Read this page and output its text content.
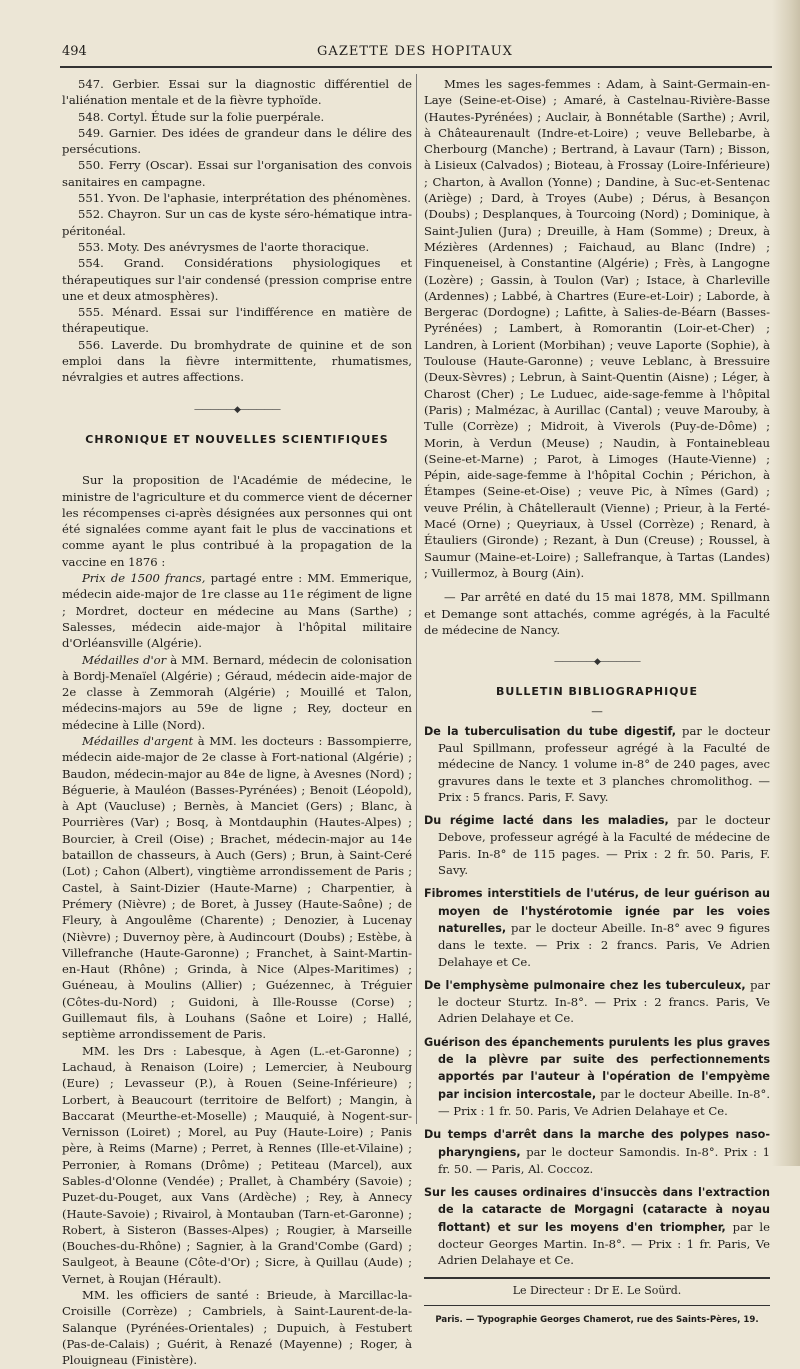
494	GAZETTE DES HOPITAUX

547. Gerbier. Essai sur la diagnostic différentiel de l'aliénation mentale et de la fièvre typhoïde.

548. Cortyl. Étude sur la folie puerpérale.

549. Garnier. Des idées de grandeur dans le délire des persécutions.

550. Ferry (Oscar). Essai sur l'organisation des convois sanitaires en campagne.

551. Yvon. De l'aphasie, interprétation des phénomènes.

552. Chayron. Sur un cas de kyste séro-hématique intra-péritonéal.

553. Moty. Des anévrysmes de l'aorte thoracique.

554. Grand. Considérations physiologiques et thérapeutiques sur l'air condensé (pression comprise entre une et deux atmosphères).

555. Ménard. Essai sur l'indifférence en matière de thérapeutique.

556. Laverde. Du bromhydrate de quinine et de son emploi dans la fièvre intermittente, rhumatismes, névralgies et autres affections.

—————◆—————
CHRONIQUE ET NOUVELLES SCIENTIFIQUES

Sur la proposition de l'Académie de médecine, le ministre de l'agriculture et du commerce vient de décerner les récompenses ci-après désignées aux personnes qui ont été signalées comme ayant fait le plus de vaccinations et comme ayant le plus contribué à la propagation de la vaccine en 1876 :

Prix de 1500 francs, partagé entre : MM. Emmerique, médecin aide-major de 1re classe au 11e régiment de ligne ; Mordret, docteur en médecine au Mans (Sarthe) ; Salesses, médecin aide-major à l'hôpital militaire d'Orléansville (Algérie).

Médailles d'or à MM. Bernard, médecin de colonisation à Bordj-Menaïel (Algérie) ; Géraud, médecin aide-major de 2e classe à Zemmorah (Algérie) ; Mouillé et Talon, médecins-majors au 59e de ligne ; Rey, docteur en médecine à Lille (Nord).

Médailles d'argent à MM. les docteurs : Bassompierre, médecin aide-major de 2e classe à Fort-national (Algérie) ; Baudon, médecin-major au 84e de ligne, à Avesnes (Nord) ; Béguerie, à Mauléon (Basses-Pyrénées) ; Benoit (Léopold), à Apt (Vaucluse) ; Bernès, à Manciet (Gers) ; Blanc, à Pourrières (Var) ; Bosq, à Montdauphin (Hautes-Alpes) ; Bourcier, à Creil (Oise) ; Brachet, médecin-major au 14e bataillon de chasseurs, à Auch (Gers) ; Brun, à Saint-Ceré (Lot) ; Cahon (Albert), vingtième arrondissement de Paris ; Castel, à Saint-Dizier (Haute-Marne) ; Charpentier, à Prémery (Nièvre) ; de Boret, à Jussey (Haute-Saône) ; de Fleury, à Angoulême (Charente) ; Denozier, à Lucenay (Nièvre) ; Duvernoy père, à Audincourt (Doubs) ; Estèbe, à Villefranche (Haute-Garonne) ; Franchet, à Saint-Martin-en-Haut (Rhône) ; Grinda, à Nice (Alpes-Maritimes) ; Guéneau, à Moulins (Allier) ; Guézennec, à Tréguier (Côtes-du-Nord) ; Guidoni, à Ille-Rousse (Corse) ; Guillemaut fils, à Louhans (Saône et Loire) ; Hallé, septième arrondissement de Paris.

MM. les Drs : Labesque, à Agen (L.-et-Garonne) ; Lachaud, à Renaison (Loire) ; Lemercier, à Neubourg (Eure) ; Levasseur (P.), à Rouen (Seine-Inférieure) ; Lorbert, à Beaucourt (territoire de Belfort) ; Mangin, à Baccarat (Meurthe-et-Moselle) ; Mauquié, à Nogent-sur-Vernisson (Loiret) ; Morel, au Puy (Haute-Loire) ; Panis père, à Reims (Marne) ; Perret, à Rennes (Ille-et-Vilaine) ; Perronier, à Romans (Drôme) ; Petiteau (Marcel), aux Sables-d'Olonne (Vendée) ; Prallet, à Chambéry (Savoie) ; Puzet-du-Pouget, aux Vans (Ardèche) ; Rey, à Annecy (Haute-Savoie) ; Rivairol, à Montauban (Tarn-et-Garonne) ; Robert, à Sisteron (Basses-Alpes) ; Rougier, à Marseille (Bouches-du-Rhône) ; Sagnier, à la Grand'Combe (Gard) ; Saulgeot, à Beaune (Côte-d'Or) ; Sicre, à Quillau (Aude) ; Vernet, à Roujan (Hérault).

MM. les officiers de santé : Brieude, à Marcillac-la-Croisille (Corrèze) ; Cambriels, à Saint-Laurent-de-la-Salanque (Pyrénées-Orientales) ; Dupuich, à Festubert (Pas-de-Calais) ; Guérit, à Renazé (Mayenne) ; Roger, à Plouigneau (Finistère).

Mmes les sages-femmes : Adam, à Saint-Germain-en-Laye (Seine-et-Oise) ; Amaré, à Castelnau-Rivière-Basse (Hautes-Pyrénées) ; Auclair, à Bonnétable (Sarthe) ; Avril, à Châteaurenault (Indre-et-Loire) ; veuve Bellebarbe, à Cherbourg (Manche) ; Bertrand, à Lavaur (Tarn) ; Bisson, à Lisieux (Calvados) ; Bioteau, à Frossay (Loire-Inférieure) ; Charton, à Avallon (Yonne) ; Dandine, à Suc-et-Sentenac (Ariège) ; Dard, à Troyes (Aube) ; Dérus, à Besançon (Doubs) ; Desplanques, à Tourcoing (Nord) ; Dominique, à Saint-Julien (Jura) ; Dreuille, à Ham (Somme) ; Dreux, à Mézières (Ardennes) ; Faichaud, au Blanc (Indre) ; Finqueneisel, à Constantine (Algérie) ; Frès, à Langogne (Lozère) ; Gassin, à Toulon (Var) ; Istace, à Charleville (Ardennes) ; Labbé, à Chartres (Eure-et-Loir) ; Laborde, à Bergerac (Dordogne) ; Lafitte, à Salies-de-Béarn (Basses-Pyrénées) ; Lambert, à Romorantin (Loir-et-Cher) ; Landren, à Lorient (Morbihan) ; veuve Laporte (Sophie), à Toulouse (Haute-Garonne) ; veuve Leblanc, à Bressuire (Deux-Sèvres) ; Lebrun, à Saint-Quentin (Aisne) ; Léger, à Charost (Cher) ; Le Luduec, aide-sage-femme à l'hôpital (Paris) ; Malmézac, à Aurillac (Cantal) ; veuve Marouby, à Tulle (Corrèze) ; Midroit, à Viverols (Puy-de-Dôme) ; Morin, à Verdun (Meuse) ; Naudin, à Fontainebleau (Seine-et-Marne) ; Parot, à Limoges (Haute-Vienne) ; Pépin, aide-sage-femme à l'hôpital Cochin ; Périchon, à Étampes (Seine-et-Oise) ; veuve Pic, à Nîmes (Gard) ; veuve Prélin, à Châtellerault (Vienne) ; Prieur, à la Ferté-Macé (Orne) ; Queyriaux, à Ussel (Corrèze) ; Renard, à Étauliers (Gironde) ; Rezant, à Dun (Creuse) ; Roussel, à Saumur (Maine-et-Loire) ; Sallefranque, à Tartas (Landes) ; Vuillermoz, à Bourg (Ain).

— Par arrêté en daté du 15 mai 1878, MM. Spillmann et Demange sont attachés, comme agrégés, à la Faculté de médecine de Nancy.

—————◆—————
BULLETIN BIBLIOGRAPHIQUE
—

De la tuberculisation du tube digestif, par le docteur Paul Spillmann, professeur agrégé à la Faculté de médecine de Nancy. 1 volume in-8° de 240 pages, avec gravures dans le texte et 3 planches chromolithog. — Prix : 5 francs. Paris, F. Savy.

Du régime lacté dans les maladies, par le docteur Debove, professeur agrégé à la Faculté de médecine de Paris. In-8° de 115 pages. — Prix : 2 fr. 50. Paris, F. Savy.

Fibromes interstitiels de l'utérus, de leur guérison au moyen de l'hystérotomie ignée par les voies naturelles, par le docteur Abeille. In-8° avec 9 figures dans le texte. — Prix : 2 francs. Paris, Ve Adrien Delahaye et Ce.

De l'emphysème pulmonaire chez les tuberculeux, par le docteur Sturtz. In-8°. — Prix : 2 francs. Paris, Ve Adrien Delahaye et Ce.

Guérison des épanchements purulents les plus graves de la plèvre par suite des perfectionnements apportés par l'auteur à l'opération de l'empyème par incision intercostale, par le docteur Abeille. In-8°. — Prix : 1 fr. 50. Paris, Ve Adrien Delahaye et Ce.

Du temps d'arrêt dans la marche des polypes naso-pharyngiens, par le docteur Samondis. In-8°. Prix : 1 fr. 50. — Paris, Al. Coccoz.

Sur les causes ordinaires d'insuccès dans l'extraction de la cataracte de Morgagni (cataracte à noyau flottant) et sur les moyens d'en triompher, par le docteur Georges Martin. In-8°. — Prix : 1 fr. Paris, Ve Adrien Delahaye et Ce.

Le Directeur : Dr E. Le Soürd.
Paris. — Typographie Georges Chamerot, rue des Saints-Pères, 19.
